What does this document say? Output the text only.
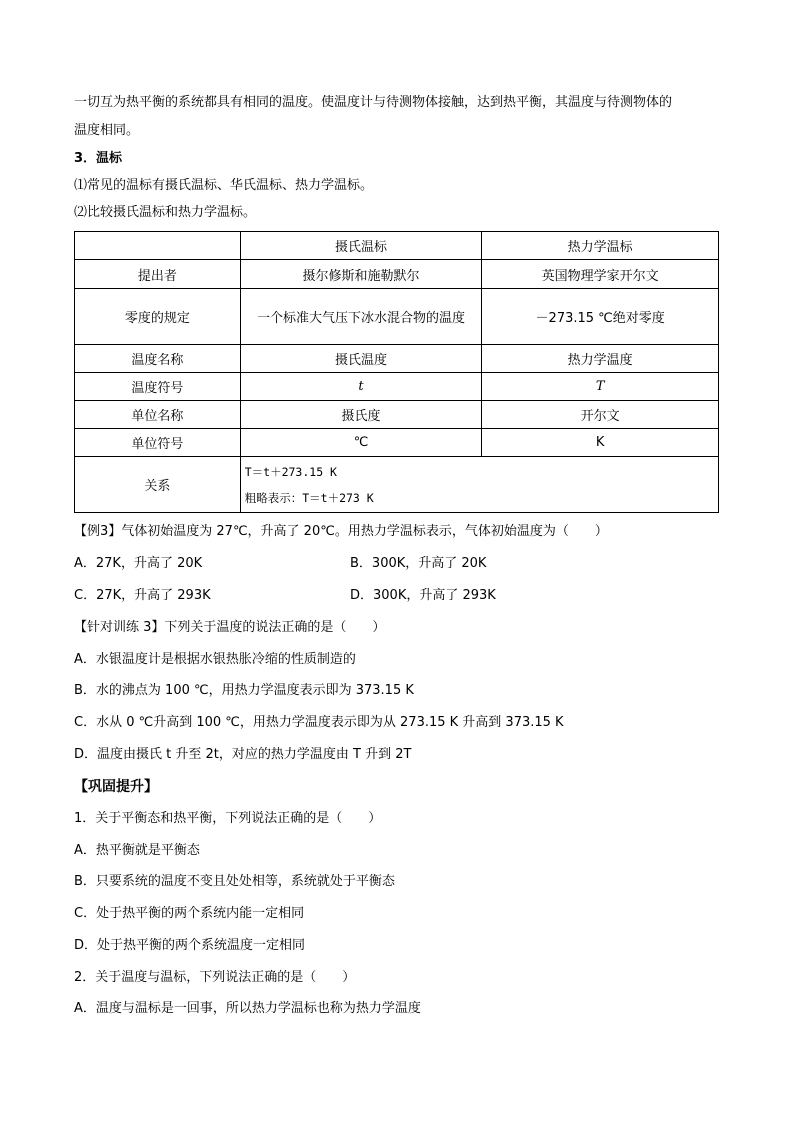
一切互为热平衡的系统都具有相同的温度。使温度计与待测物体接触，达到热平衡，其温度与待测物体的
温度相同。
3．温标
⑴常见的温标有摄氏温标、华氏温标、热力学温标。
⑵比较摄氏温标和热力学温标。
	摄氏温标	热力学温标
提出者	摄尔修斯和施勒默尔	英国物理学家开尔文
零度的规定	一个标准大气压下冰水混合物的温度	－273.15 ℃绝对零度
温度名称	摄氏温度	热力学温度
温度符号	t	T
单位名称	摄氏度	开尔文
单位符号	℃	K
关系	T＝t＋273.15 K
粗略表示：T＝t＋273 K	
【例3】气体初始温度为 27℃，升高了 20℃。用热力学温标表示，气体初始温度为（　　）
A．27K，升高了 20K	B．300K，升高了 20K
C．27K，升高了 293K	D．300K，升高了 293K
【针对训练 3】下列关于温度的说法正确的是（　　）
A．水银温度计是根据水银热胀冷缩的性质制造的
B．水的沸点为 100 ℃，用热力学温度表示即为 373.15 K
C．水从 0 ℃升高到 100 ℃，用热力学温度表示即为从 273.15 K 升高到 373.15 K
D．温度由摄氏 t 升至 2t，对应的热力学温度由 T 升到 2T
【巩固提升】
1．关于平衡态和热平衡，下列说法正确的是（　　）
A．热平衡就是平衡态
B．只要系统的温度不变且处处相等，系统就处于平衡态
C．处于热平衡的两个系统内能一定相同
D．处于热平衡的两个系统温度一定相同
2．关于温度与温标，下列说法正确的是（　　）
A．温度与温标是一回事，所以热力学温标也称为热力学温度
